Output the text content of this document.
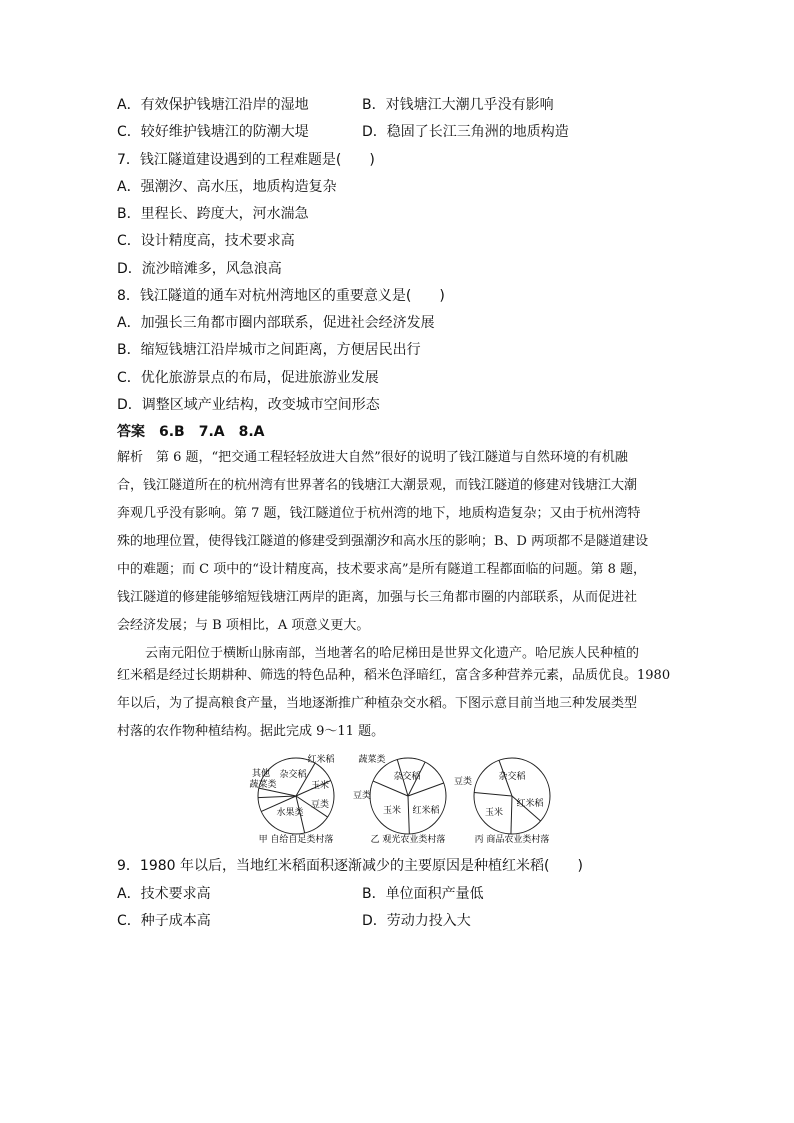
A．有效保护钱塘江沿岸的湿地	B．对钱塘江大潮几乎没有影响
C．较好维护钱塘江的防潮大堤	D．稳固了长江三角洲的地质构造
7．钱江隧道建设遇到的工程难题是(　　)
A．强潮汐、高水压，地质构造复杂
B．里程长、跨度大，河水湍急
C．设计精度高，技术要求高
D．流沙暗滩多，风急浪高
8．钱江隧道的通车对杭州湾地区的重要意义是(　　)
A．加强长三角都市圈内部联系，促进社会经济发展
B．缩短钱塘江沿岸城市之间距离，方便居民出行
C．优化旅游景点的布局，促进旅游业发展
D．调整区域产业结构，改变城市空间形态
答案　6.B　7.A　8.A
解析　第 6 题，“把交通工程轻轻放进大自然”很好的说明了钱江隧道与自然环境的有机融
合，钱江隧道所在的杭州湾有世界著名的钱塘江大潮景观，而钱江隧道的修建对钱塘江大潮
奔观几乎没有影响。第 7 题，钱江隧道位于杭州湾的地下，地质构造复杂；又由于杭州湾特
殊的地理位置，使得钱江隧道的修建受到强潮汐和高水压的影响；B、D 两项都不是隧道建设
中的难题；而 C 项中的“设计精度高，技术要求高”是所有隧道工程都面临的问题。第 8 题，
钱江隧道的修建能够缩短钱塘江两岸的距离，加强与长三角都市圈的内部联系，从而促进社
会经济发展；与 B 项相比，A 项意义更大。
云南元阳位于横断山脉南部，当地著名的哈尼梯田是世界文化遗产。哈尼族人民种植的
红米稻是经过长期耕种、筛选的特色品种，稻米色泽暗红，富含多种营养元素，品质优良。1980
年以后，为了提高粮食产量，当地逐渐推广种植杂交水稻。下图示意目前当地三种发展类型
村落的农作物种植结构。据此完成 9～11 题。
甲 自给自足类村落
红米稻
玉米
豆类
水果类
蔬菜类
其他 杂交稻
乙 观光农业类村落
杂交稻
红米稻
玉米
豆类
蔬菜类
丙 商品农业类村落
杂交稻
红米稻
玉米
豆类
9．1980 年以后，当地红米稻面积逐渐减少的主要原因是种植红米稻(　　)
A．技术要求高	B．单位面积产量低
C．种子成本高	D．劳动力投入大
